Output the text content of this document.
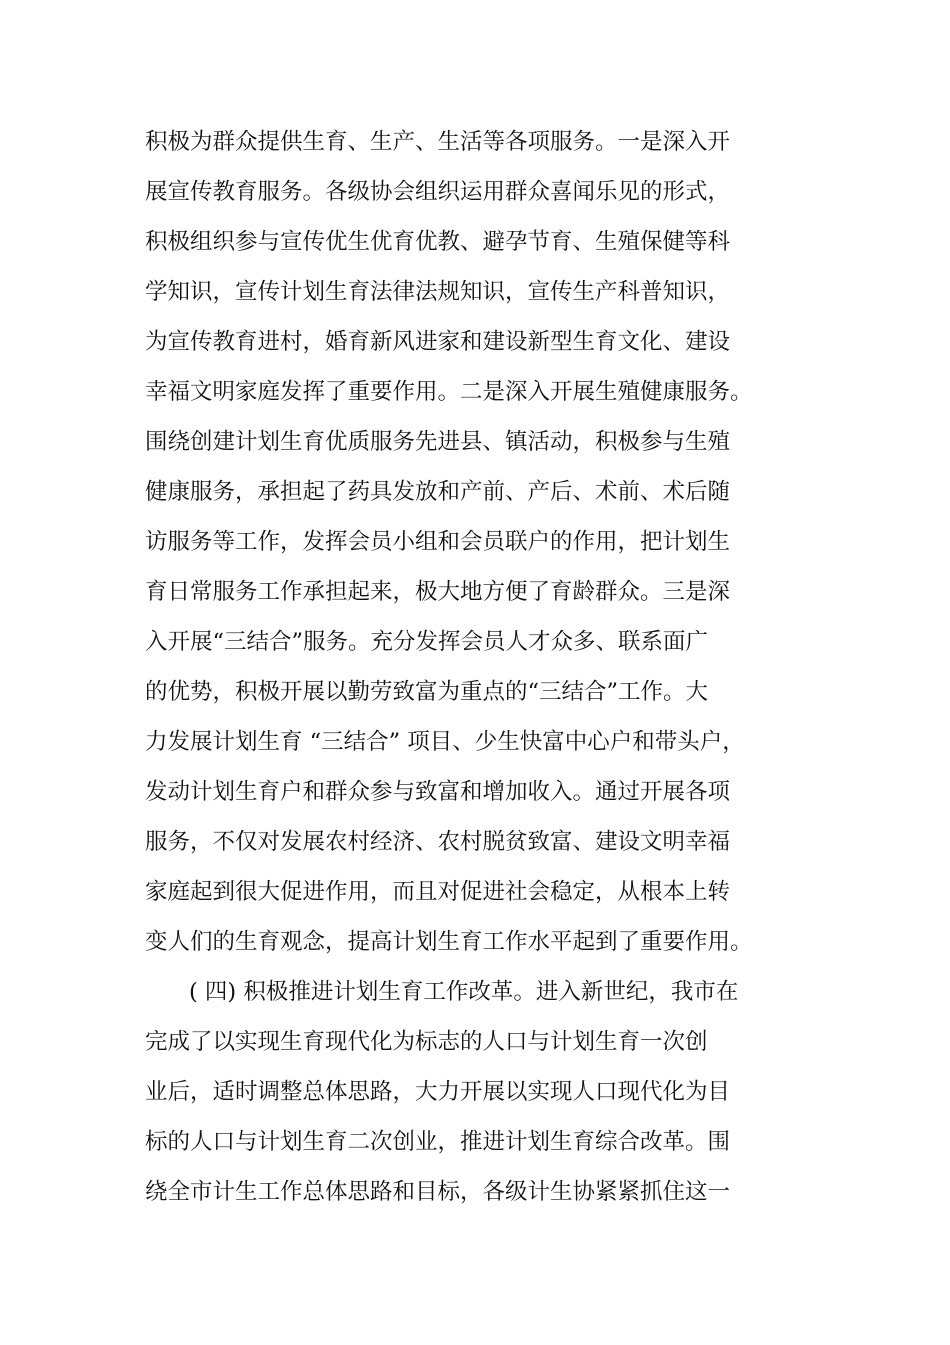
积极为群众提供生育、生产、生活等各项服务。一是深入开
展宣传教育服务。各级协会组织运用群众喜闻乐见的形式，
积极组织参与宣传优生优育优教、避孕节育、生殖保健等科
学知识，宣传计划生育法律法规知识，宣传生产科普知识，
为宣传教育进村，婚育新风进家和建设新型生育文化、建设
幸福文明家庭发挥了重要作用。二是深入开展生殖健康服务。
围绕创建计划生育优质服务先进县、镇活动，积极参与生殖
健康服务，承担起了药具发放和产前、产后、术前、术后随
访服务等工作，发挥会员小组和会员联户的作用，把计划生
育日常服务工作承担起来，极大地方便了育龄群众。三是深
入开展“三结合”服务。充分发挥会员人才众多、联系面广
的优势，积极开展以勤劳致富为重点的“三结合”工作。大
力发展计划生育 “三结合” 项目、少生快富中心户和带头户，
发动计划生育户和群众参与致富和增加收入。通过开展各项
服务，不仅对发展农村经济、农村脱贫致富、建设文明幸福
家庭起到很大促进作用，而且对促进社会稳定，从根本上转
变人们的生育观念，提高计划生育工作水平起到了重要作用。
( 四) 积极推进计划生育工作改革。进入新世纪，我市在
完成了以实现生育现代化为标志的人口与计划生育一次创
业后，适时调整总体思路，大力开展以实现人口现代化为目
标的人口与计划生育二次创业，推进计划生育综合改革。围
绕全市计生工作总体思路和目标，各级计生协紧紧抓住这一
